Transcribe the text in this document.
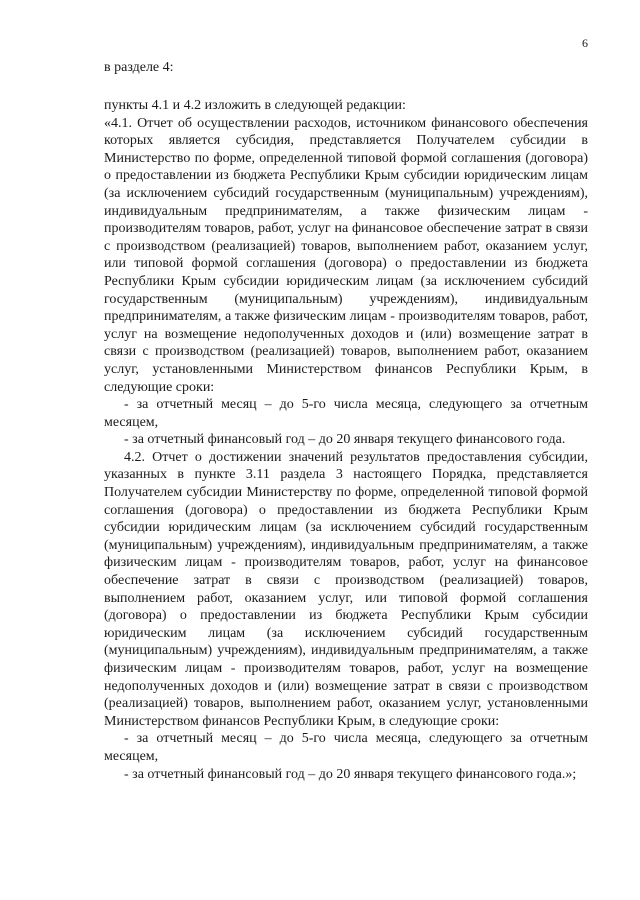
6
в разделе 4:

пункты 4.1 и 4.2 изложить в следующей редакции:

«4.1. Отчет об осуществлении расходов, источником финансового обеспечения которых является субсидия, представляется Получателем субсидии в Министерство по форме, определенной типовой формой соглашения (договора) о предоставлении из бюджета Республики Крым субсидии юридическим лицам (за исключением субсидий государственным (муниципальным) учреждениям), индивидуальным предпринимателям, а также физическим лицам - производителям товаров, работ, услуг на финансовое обеспечение затрат в связи с производством (реализацией) товаров, выполнением работ, оказанием услуг, или типовой формой соглашения (договора) о предоставлении из бюджета Республики Крым субсидии юридическим лицам (за исключением субсидий государственным (муниципальным) учреждениям), индивидуальным предпринимателям, а также физическим лицам - производителям товаров, работ, услуг на возмещение недополученных доходов и (или) возмещение затрат в связи с производством (реализацией) товаров, выполнением работ, оказанием услуг, установленными Министерством финансов Республики Крым, в следующие сроки:

- за отчетный месяц – до 5-го числа месяца, следующего за отчетным месяцем,

- за отчетный финансовый год – до 20 января текущего финансового года.

4.2. Отчет о достижении значений результатов предоставления субсидии, указанных в пункте 3.11 раздела 3 настоящего Порядка, представляется Получателем субсидии Министерству по форме, определенной типовой формой соглашения (договора) о предоставлении из бюджета Республики Крым субсидии юридическим лицам (за исключением субсидий государственным (муниципальным) учреждениям), индивидуальным предпринимателям, а также физическим лицам - производителям товаров, работ, услуг на финансовое обеспечение затрат в связи с производством (реализацией) товаров, выполнением работ, оказанием услуг, или типовой формой соглашения (договора) о предоставлении из бюджета Республики Крым субсидии юридическим лицам (за исключением субсидий государственным (муниципальным) учреждениям), индивидуальным предпринимателям, а также физическим лицам - производителям товаров, работ, услуг на возмещение недополученных доходов и (или) возмещение затрат в связи с производством (реализацией) товаров, выполнением работ, оказанием услуг, установленными Министерством финансов Республики Крым, в следующие сроки:

- за отчетный месяц – до 5-го числа месяца, следующего за отчетным месяцем,

- за отчетный финансовый год – до 20 января текущего финансового года.»;
